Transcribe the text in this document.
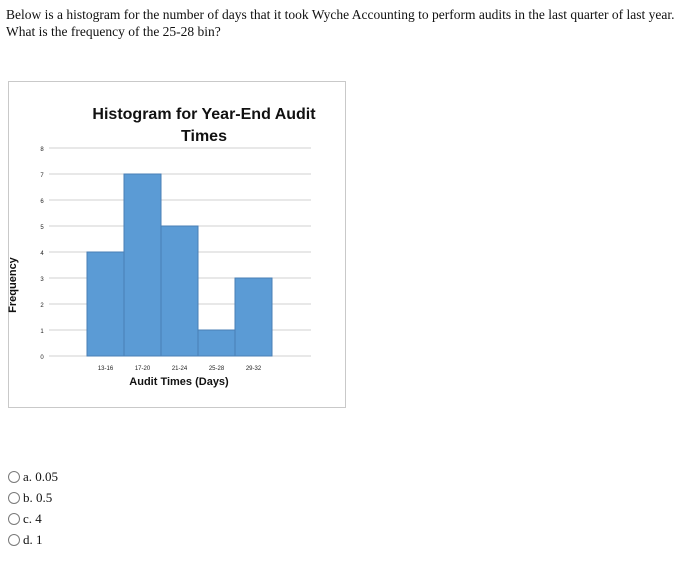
Below is a histogram for the number of days that it took Wyche Accounting to perform audits in the last quarter of last year. What is the frequency of the 25-28 bin?
0
1
2
3
4
5
6
7
8
13-16	17-20	21-24	25-28	29-32
Histogram for Year-End Audit Times
Audit Times (Days)
Frequency
a. 0.05
b. 0.5
c. 4
d. 1
